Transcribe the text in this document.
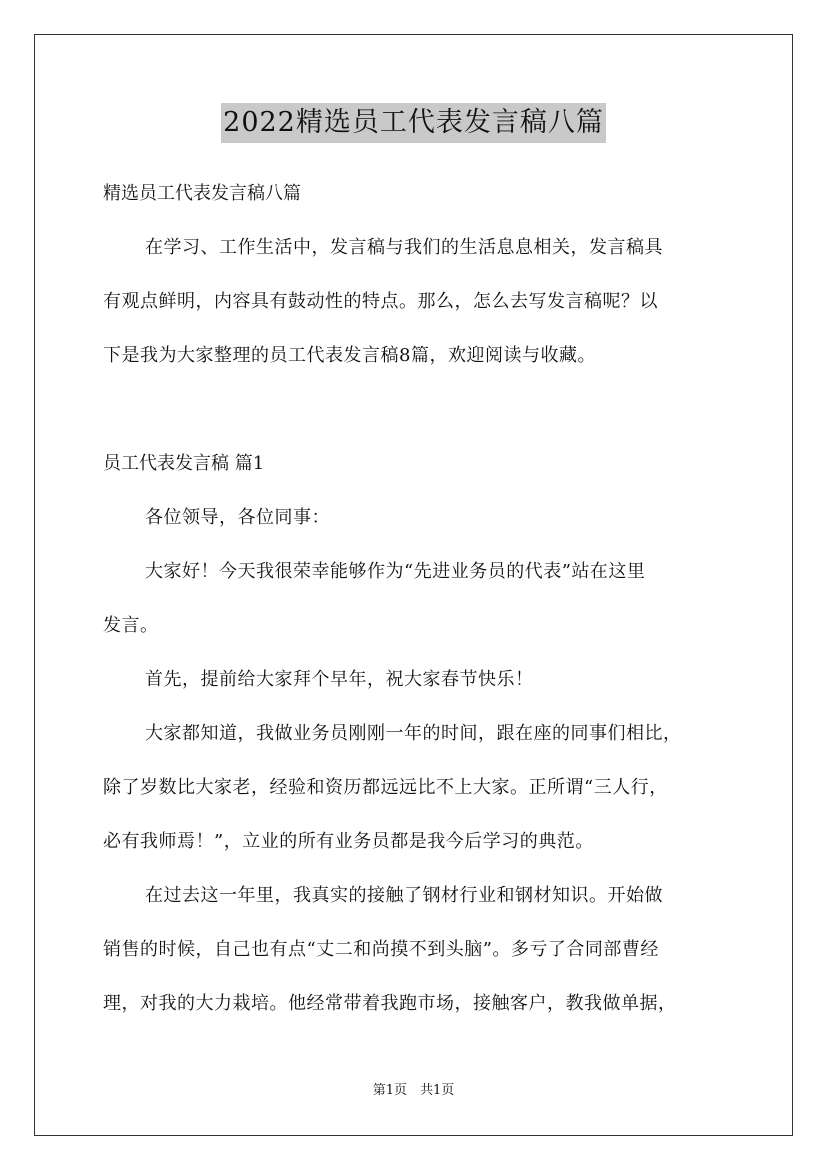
2022精选员工代表发言稿八篇
精选员工代表发言稿八篇
在学习、工作生活中，发言稿与我们的生活息息相关，发言稿具
有观点鲜明，内容具有鼓动性的特点。那么，怎么去写发言稿呢？以
下是我为大家整理的员工代表发言稿8篇，欢迎阅读与收藏。
员工代表发言稿 篇1
各位领导，各位同事：
大家好！今天我很荣幸能够作为“先进业务员的代表”站在这里
发言。
首先，提前给大家拜个早年，祝大家春节快乐！
大家都知道，我做业务员刚刚一年的时间，跟在座的同事们相比，
除了岁数比大家老，经验和资历都远远比不上大家。正所谓“三人行，
必有我师焉！”，立业的所有业务员都是我今后学习的典范。
在过去这一年里，我真实的接触了钢材行业和钢材知识。开始做
销售的时候，自己也有点“丈二和尚摸不到头脑”。多亏了合同部曹经
理，对我的大力栽培。他经常带着我跑市场，接触客户，教我做单据，
第1页　共1页
